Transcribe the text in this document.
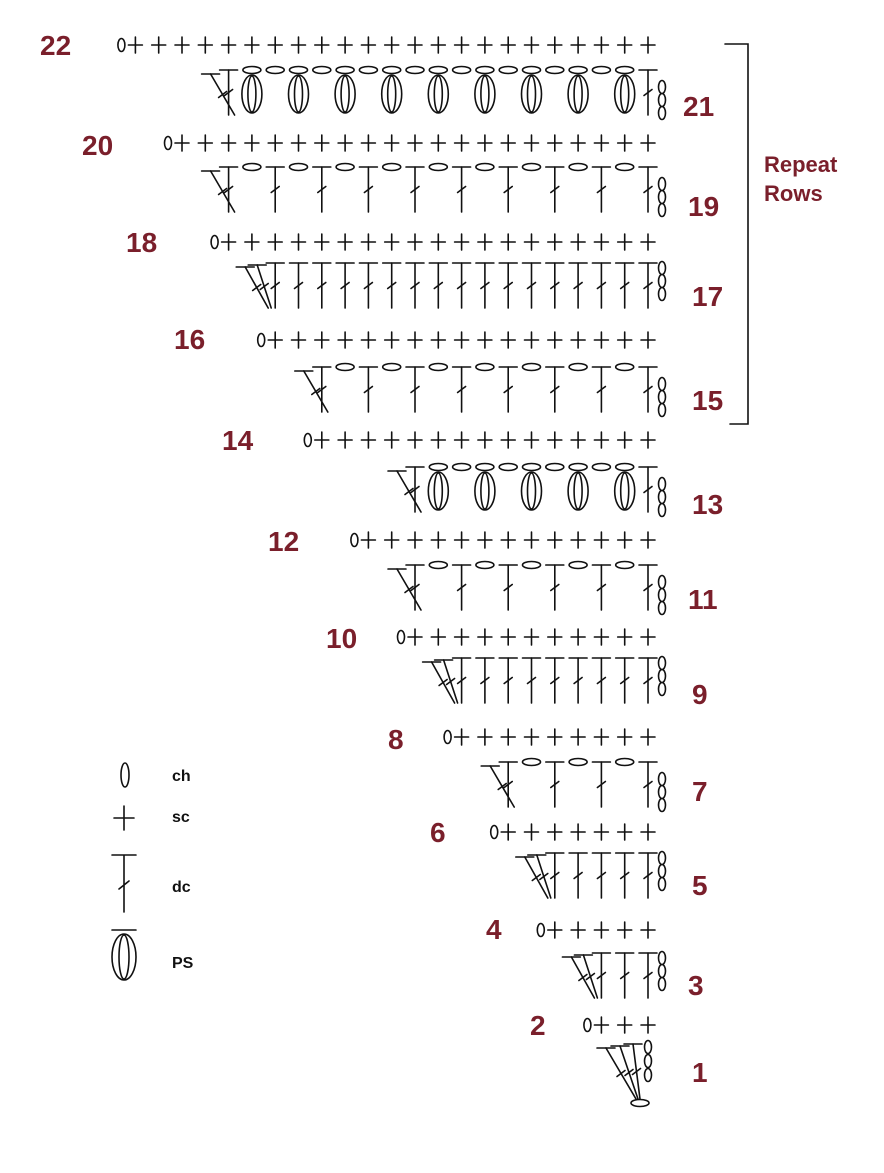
1
2
3
4
5
6
7
8
9
10
11
12
13
14
15
16
17
18
19
20
21
22
Repeat
Rows
ch
sc
dc
PS
